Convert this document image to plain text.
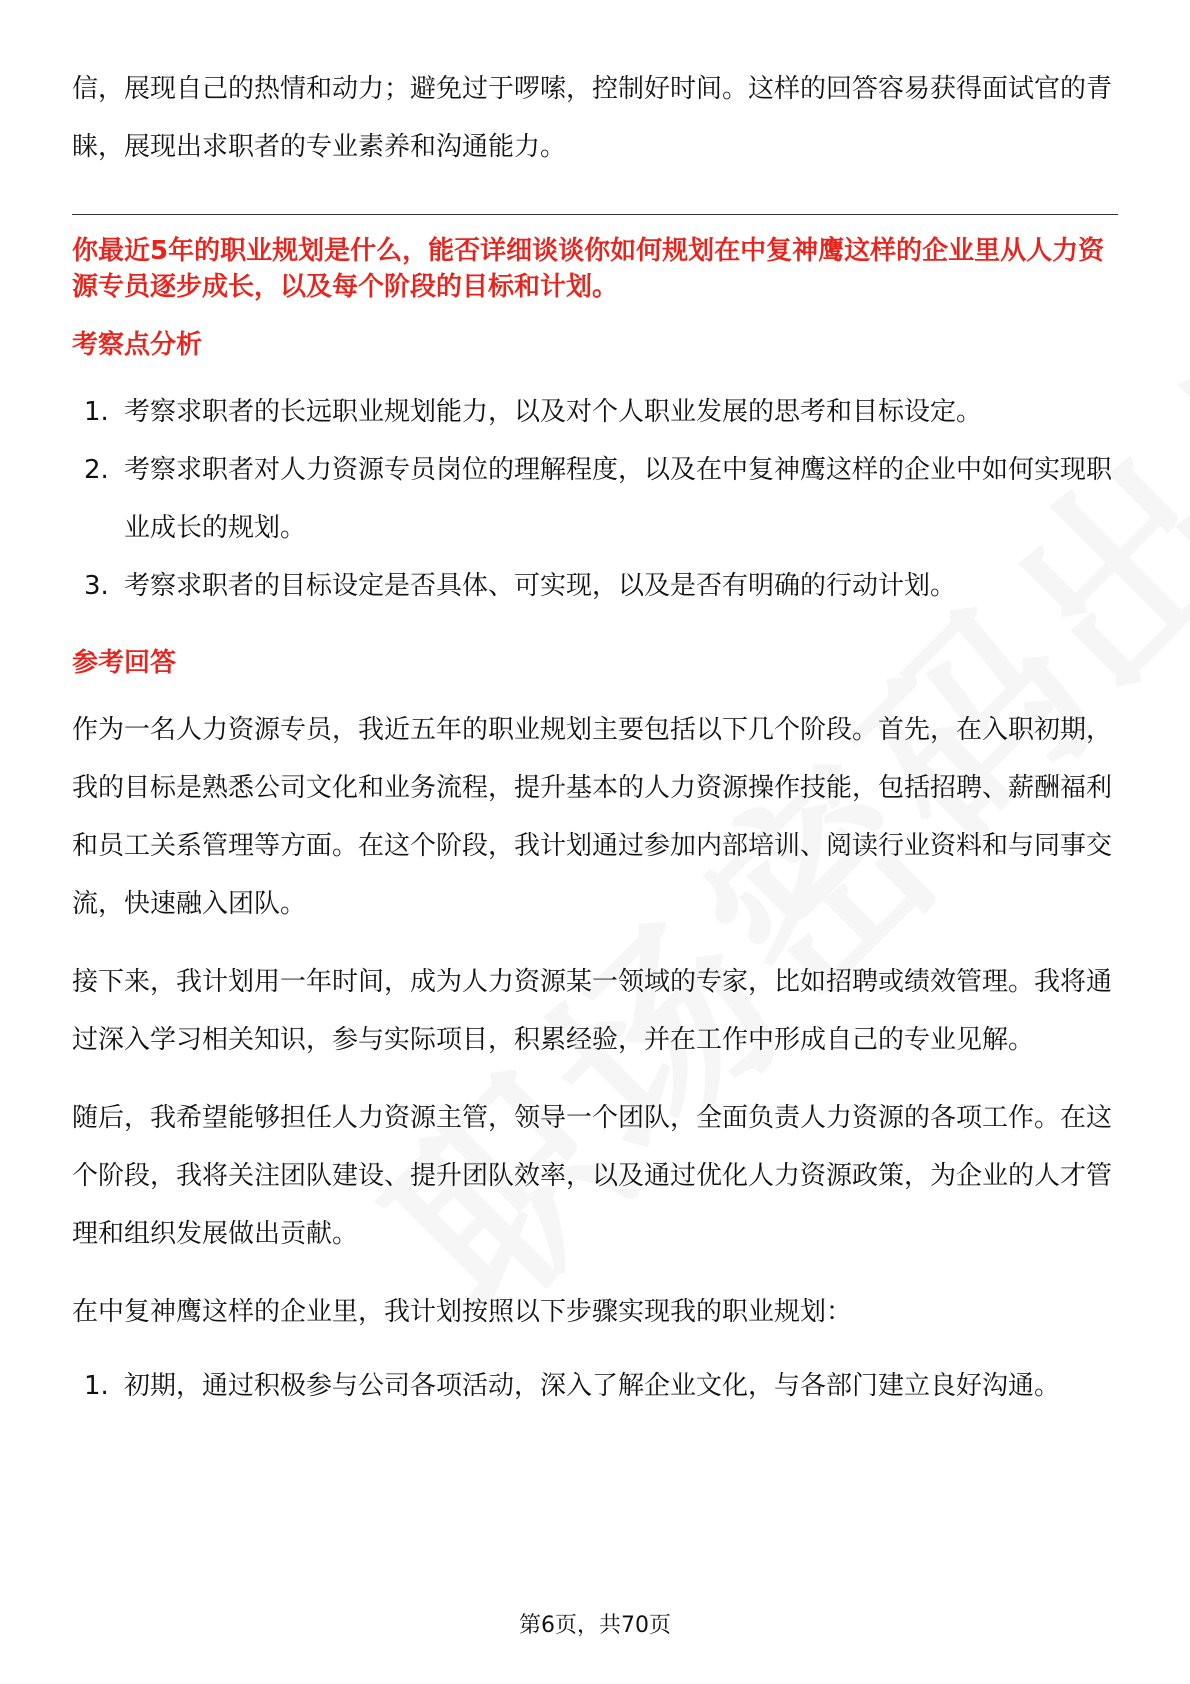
信，展现自己的热情和动力；避免过于啰嗦，控制好时间。这样的回答容易获得面试官的青睐，展现出求职者的专业素养和沟通能力。

你最近5年的职业规划是什么，能否详细谈谈你如何规划在中复神鹰这样的企业里从人力资源专员逐步成长，以及每个阶段的目标和计划。

考察点分析
1. 考察求职者的长远职业规划能力，以及对个人职业发展的思考和目标设定。
2. 考察求职者对人力资源专员岗位的理解程度，以及在中复神鹰这样的企业中如何实现职业成长的规划。
3. 考察求职者的目标设定是否具体、可实现，以及是否有明确的行动计划。
参考回答

作为一名人力资源专员，我近五年的职业规划主要包括以下几个阶段。首先，在入职初期，我的目标是熟悉公司文化和业务流程，提升基本的人力资源操作技能，包括招聘、薪酬福利和员工关系管理等方面。在这个阶段，我计划通过参加内部培训、阅读行业资料和与同事交流，快速融入团队。

接下来，我计划用一年时间，成为人力资源某一领域的专家，比如招聘或绩效管理。我将通过深入学习相关知识，参与实际项目，积累经验，并在工作中形成自己的专业见解。

随后，我希望能够担任人力资源主管，领导一个团队，全面负责人力资源的各项工作。在这个阶段，我将关注团队建设、提升团队效率，以及通过优化人力资源政策，为企业的人才管理和组织发展做出贡献。

在中复神鹰这样的企业里，我计划按照以下步骤实现我的职业规划：

1. 初期，通过积极参与公司各项活动，深入了解企业文化，与各部门建立良好沟通。
第6页，共70页
